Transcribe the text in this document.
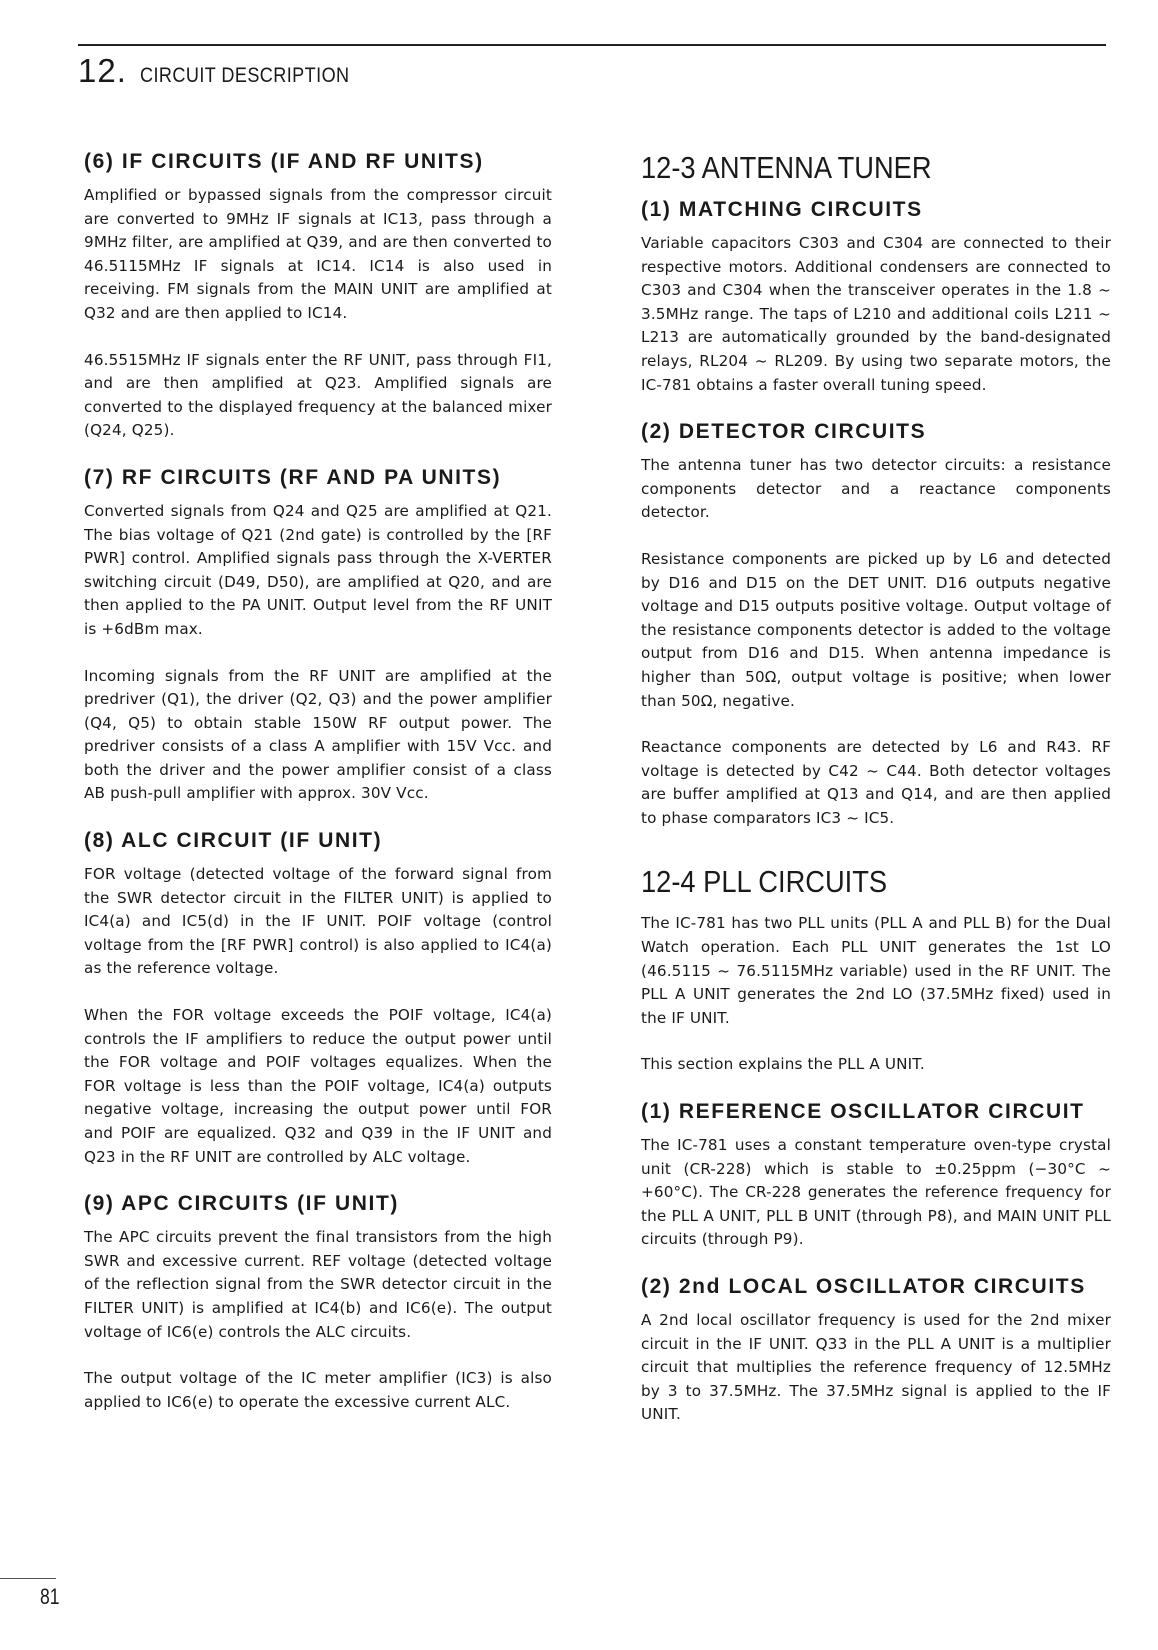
12. CIRCUIT DESCRIPTION
(6) IF CIRCUITS (IF AND RF UNITS)

Amplified or bypassed signals from the compressor circuit are converted to 9MHz IF signals at IC13, pass through a 9MHz filter, are amplified at Q39, and are then converted to 46.5115MHz IF signals at IC14. IC14 is also used in receiving. FM signals from the MAIN UNIT are amplified at Q32 and are then applied to IC14.

46.5515MHz IF signals enter the RF UNIT, pass through FI1, and are then amplified at Q23. Amplified signals are converted to the displayed frequency at the balanced mixer (Q24, Q25).

(7) RF CIRCUITS (RF AND PA UNITS)

Converted signals from Q24 and Q25 are amplified at Q21. The bias voltage of Q21 (2nd gate) is controlled by the [RF PWR] control. Amplified signals pass through the X-VERTER switching circuit (D49, D50), are amplified at Q20, and are then applied to the PA UNIT. Output level from the RF UNIT is +6dBm max.

Incoming signals from the RF UNIT are amplified at the predriver (Q1), the driver (Q2, Q3) and the power amplifier (Q4, Q5) to obtain stable 150W RF output power. The predriver consists of a class A amplifier with 15V Vcc. and both the driver and the power amplifier consist of a class AB push-pull amplifier with approx. 30V Vcc.

(8) ALC CIRCUIT (IF UNIT)

FOR voltage (detected voltage of the forward signal from the SWR detector circuit in the FILTER UNIT) is applied to IC4(a) and IC5(d) in the IF UNIT. POIF voltage (control voltage from the [RF PWR] control) is also applied to IC4(a) as the reference voltage.

When the FOR voltage exceeds the POIF voltage, IC4(a) controls the IF amplifiers to reduce the output power until the FOR voltage and POIF voltages equalizes. When the FOR voltage is less than the POIF voltage, IC4(a) outputs negative voltage, increasing the output power until FOR and POIF are equalized. Q32 and Q39 in the IF UNIT and Q23 in the RF UNIT are controlled by ALC voltage.

(9) APC CIRCUITS (IF UNIT)

The APC circuits prevent the final transistors from the high SWR and excessive current. REF voltage (detected voltage of the reflection signal from the SWR detector circuit in the FILTER UNIT) is amplified at IC4(b) and IC6(e). The output voltage of IC6(e) controls the ALC circuits.

The output voltage of the IC meter amplifier (IC3) is also applied to IC6(e) to operate the excessive current ALC.

12-3 ANTENNA TUNER
(1) MATCHING CIRCUITS

Variable capacitors C303 and C304 are connected to their respective motors. Additional condensers are connected to C303 and C304 when the transceiver operates in the 1.8 ~ 3.5MHz range. The taps of L210 and additional coils L211 ~ L213 are automatically grounded by the band-designated relays, RL204 ~ RL209. By using two separate motors, the IC-781 obtains a faster overall tuning speed.

(2) DETECTOR CIRCUITS

The antenna tuner has two detector circuits: a resistance components detector and a reactance components detector.

Resistance components are picked up by L6 and detected by D16 and D15 on the DET UNIT. D16 outputs negative voltage and D15 outputs positive voltage. Output voltage of the resistance components detector is added to the voltage output from D16 and D15. When antenna impedance is higher than 50Ω, output voltage is positive; when lower than 50Ω, negative.

Reactance components are detected by L6 and R43. RF voltage is detected by C42 ~ C44. Both detector voltages are buffer amplified at Q13 and Q14, and are then applied to phase comparators IC3 ~ IC5.

12-4 PLL CIRCUITS

The IC-781 has two PLL units (PLL A and PLL B) for the Dual Watch operation. Each PLL UNIT generates the 1st LO (46.5115 ~ 76.5115MHz variable) used in the RF UNIT. The PLL A UNIT generates the 2nd LO (37.5MHz fixed) used in the IF UNIT.

This section explains the PLL A UNIT.

(1) REFERENCE OSCILLATOR CIRCUIT

The IC-781 uses a constant temperature oven-type crystal unit (CR-228) which is stable to ±0.25ppm (−30°C ~ +60°C). The CR-228 generates the reference frequency for the PLL A UNIT, PLL B UNIT (through P8), and MAIN UNIT PLL circuits (through P9).

(2) 2nd LOCAL OSCILLATOR CIRCUITS

A 2nd local oscillator frequency is used for the 2nd mixer circuit in the IF UNIT. Q33 in the PLL A UNIT is a multiplier circuit that multiplies the reference frequency of 12.5MHz by 3 to 37.5MHz. The 37.5MHz signal is applied to the IF UNIT.

81
